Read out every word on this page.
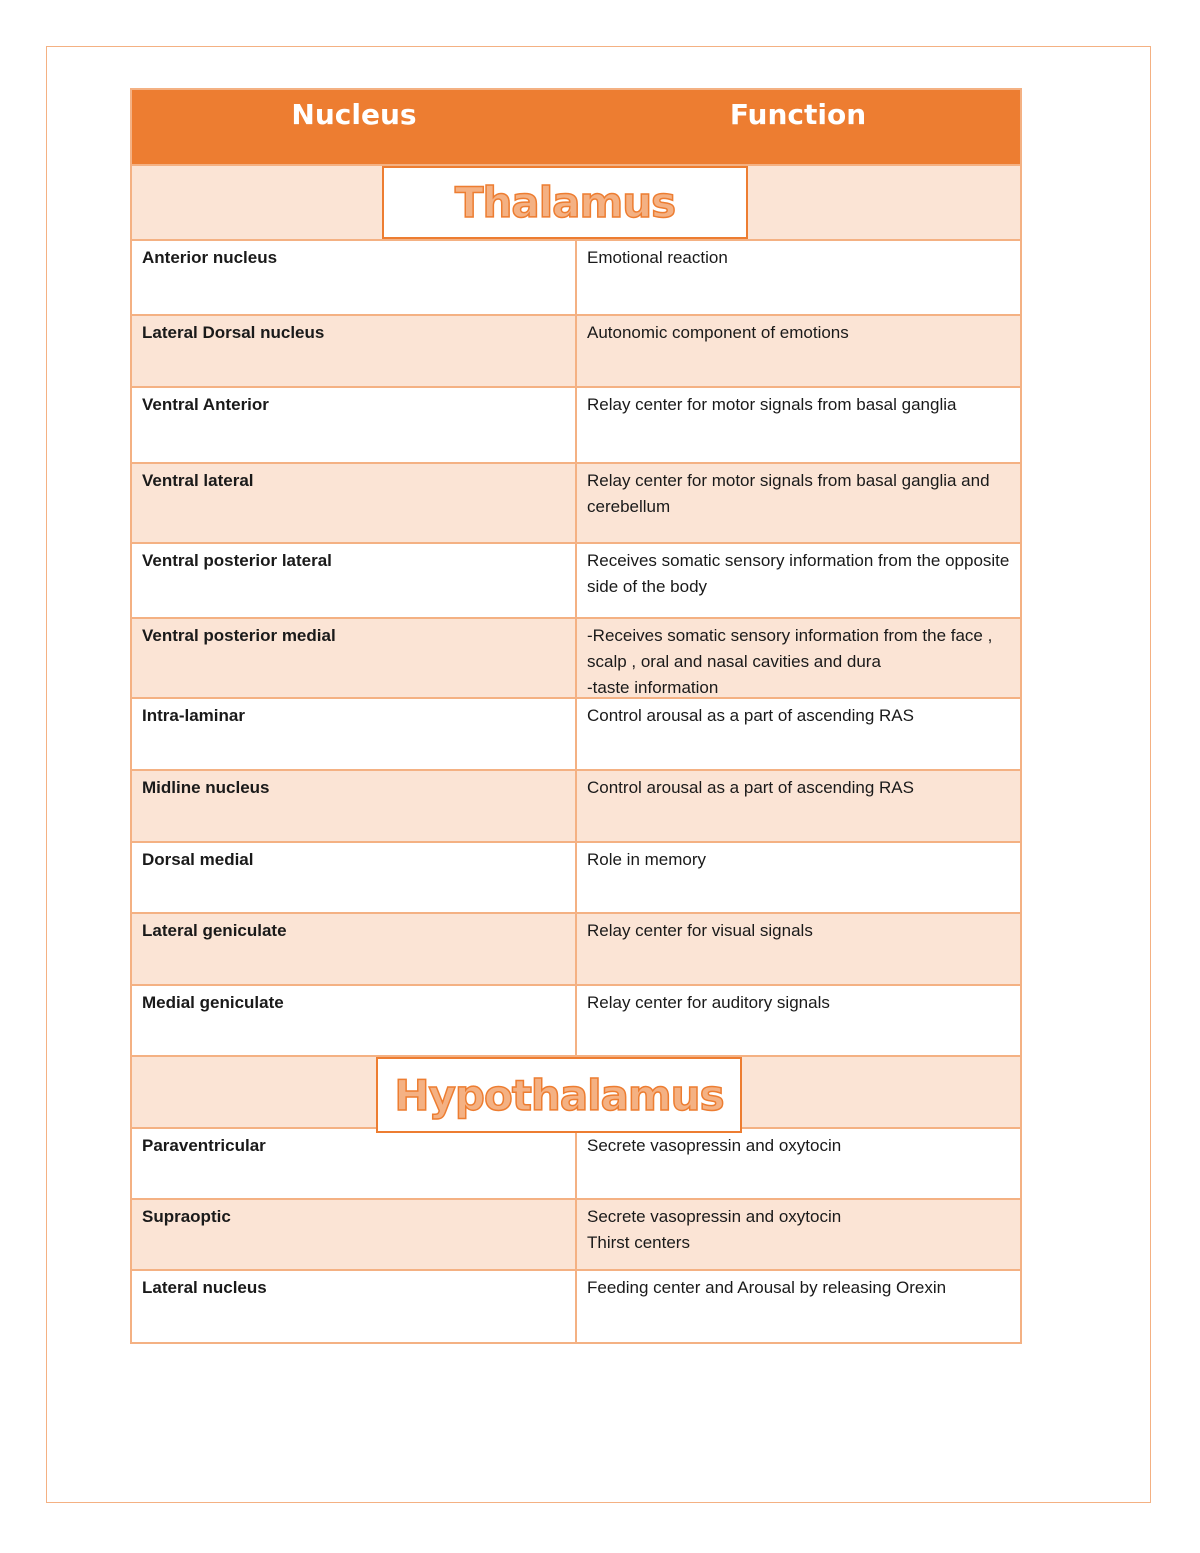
Nucleus	Function
Thalamus
Anterior nucleus	Emotional reaction
Lateral Dorsal nucleus	Autonomic component of emotions
Ventral Anterior	Relay center for motor signals from basal ganglia
Ventral lateral	Relay center for motor signals from basal ganglia and cerebellum
Ventral posterior lateral	Receives somatic sensory information from the opposite side of the body
Ventral posterior medial	-Receives somatic sensory information from the face , scalp , oral and nasal cavities and dura
-taste information
Intra-laminar	Control arousal as a part of ascending RAS
Midline nucleus	Control arousal as a part of ascending RAS
Dorsal medial	Role in memory
Lateral geniculate	Relay center for visual signals
Medial geniculate	Relay center for auditory signals
Hypothalamus
Paraventricular	Secrete vasopressin and oxytocin
Supraoptic	Secrete vasopressin and oxytocin
Thirst centers
Lateral nucleus	Feeding center and Arousal by releasing Orexin
